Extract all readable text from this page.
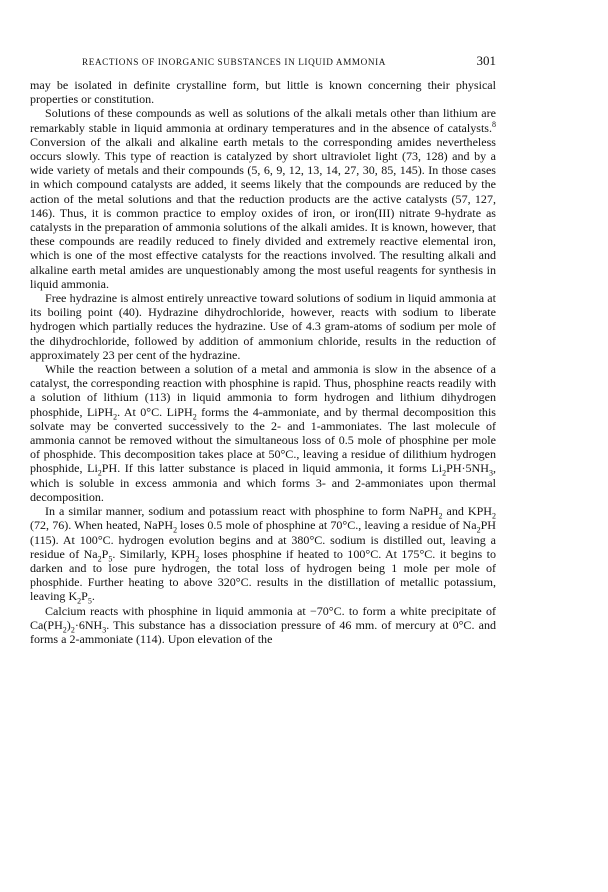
REACTIONS OF INORGANIC SUBSTANCES IN LIQUID AMMONIA	301

may be isolated in definite crystalline form, but little is known concerning their physical properties or constitution.

Solutions of these compounds as well as solutions of the alkali metals other than lithium are remarkably stable in liquid ammonia at ordinary temperatures and in the absence of catalysts.$^8$ Conversion of the alkali and alkaline earth metals to the corresponding amides nevertheless occurs slowly. This type of reaction is catalyzed by short ultraviolet light (73, 128) and by a wide variety of metals and their compounds (5, 6, 9, 12, 13, 14, 27, 30, 85, 145). In those cases in which compound catalysts are added, it seems likely that the compounds are reduced by the action of the metal solutions and that the reduction products are the active catalysts (57, 127, 146). Thus, it is common practice to employ oxides of iron, or iron(III) nitrate 9-hydrate as catalysts in the preparation of ammonia solutions of the alkali amides. It is known, however, that these compounds are readily reduced to finely divided and extremely reactive elemental iron, which is one of the most effective catalysts for the reactions involved. The resulting alkali and alkaline earth metal amides are unquestionably among the most useful reagents for synthesis in liquid ammonia.

Free hydrazine is almost entirely unreactive toward solutions of sodium in liquid ammonia at its boiling point (40). Hydrazine dihydrochloride, however, reacts with sodium to liberate hydrogen which partially reduces the hydrazine. Use of 4.3 gram-atoms of sodium per mole of the dihydrochloride, followed by addition of ammonium chloride, results in the reduction of approximately 23 per cent of the hydrazine.

While the reaction between a solution of a metal and ammonia is slow in the absence of a catalyst, the corresponding reaction with phosphine is rapid. Thus, phosphine reacts readily with a solution of lithium (113) in liquid ammonia to form hydrogen and lithium dihydrogen phosphide, LiPH$_2$. At 0°C. LiPH$_2$ forms the 4-ammoniate, and by thermal decomposition this solvate may be converted successively to the 2- and 1-ammoniates. The last molecule of ammonia cannot be removed without the simultaneous loss of 0.5 mole of phosphine per mole of phosphide. This decomposition takes place at 50°C., leaving a residue of dilithium hydrogen phosphide, $Li_2PH$. If this latter substance is placed in liquid ammonia, it forms $Li_2PH\cdot 5NH_3$, which is soluble in excess ammonia and which forms 3- and 2-ammoniates upon thermal decomposition.

In a similar manner, sodium and potassium react with phosphine to form NaPH$_2$ and $KPH_2$ (72, 76). When heated, NaPH$_2$ loses 0.5 mole of phosphine at 70°C., leaving a residue of $Na_2PH$ (115). At 100°C. hydrogen evolution begins and at 380°C. sodium is distilled out, leaving a residue of $Na_2P_5$. Similarly, $KPH_2$ loses phosphine if heated to 100°C. At 175°C. it begins to darken and to lose pure hydrogen, the total loss of hydrogen being 1 mole per mole of phosphide. Further heating to above 320°C. results in the distillation of metallic potassium, leaving $K_2P_5$.

Calcium reacts with phosphine in liquid ammonia at −70°C. to form a white precipitate of $Ca(PH_2)_2\cdot 6NH_3$. This substance has a dissociation pressure of 46 mm. of mercury at 0°C. and forms a 2-ammoniate (114). Upon elevation of the
